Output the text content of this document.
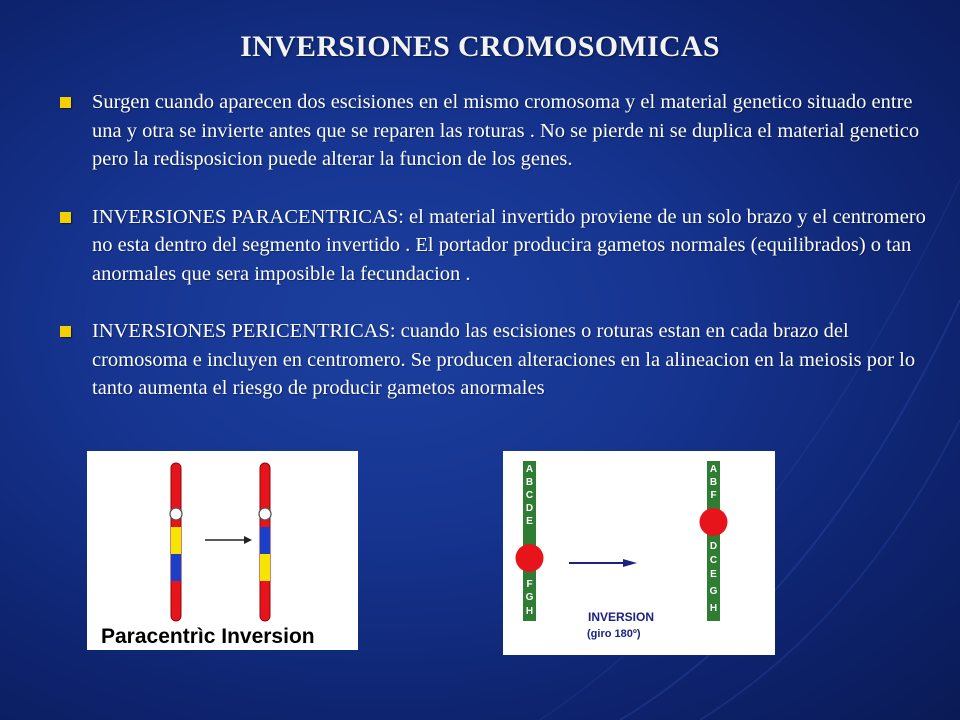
INVERSIONES CROMOSOMICAS
Surgen cuando aparecen dos escisiones en el mismo cromosoma y el material genetico situado entre una y otra se invierte antes que se reparen las roturas . No se pierde ni se duplica el material genetico pero la redisposicion puede alterar la funcion de los genes.
INVERSIONES PARACENTRICAS: el material invertido proviene de un solo brazo y el centromero no esta dentro del segmento invertido . El portador producira gametos normales (equilibrados) o tan anormales que sera imposible la fecundacion .
INVERSIONES PERICENTRICAS: cuando las escisiones o roturas estan en cada brazo del cromosoma e incluyen en centromero. Se producen alteraciones en la alineacion en la meiosis por lo tanto aumenta el riesgo de producir gametos anormales
Paracentrìc Inversion
A
B
C
D
E
F
G
H
A
B
F
D
C
E
G
H
INVERSION
(giro 180º)
